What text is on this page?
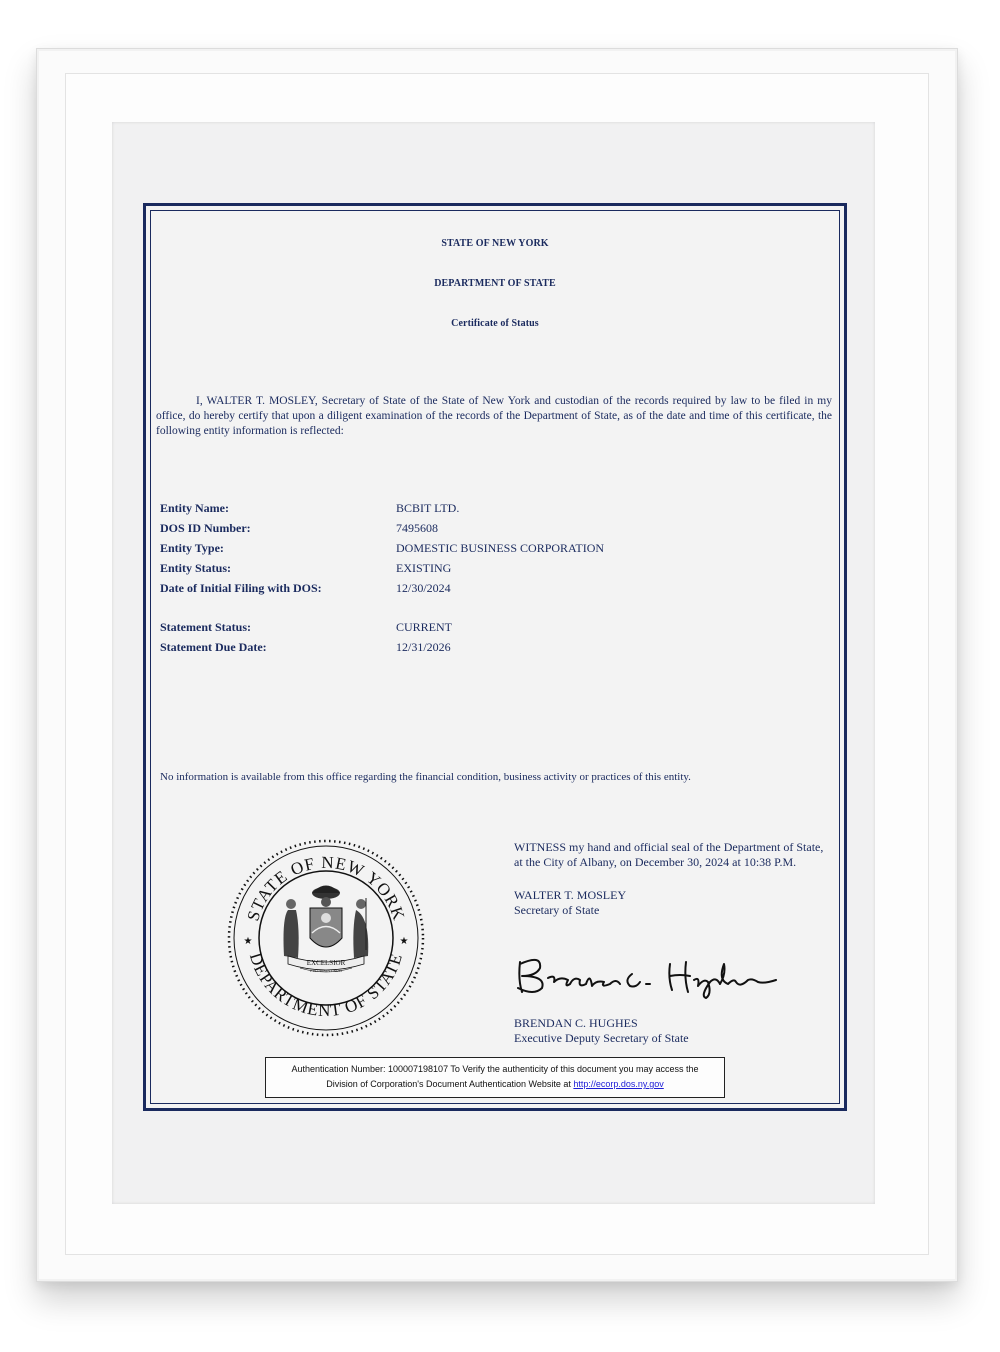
STATE OF NEW YORK
DEPARTMENT OF STATE
Certificate of Status
I, WALTER T. MOSLEY, Secretary of State of the State of New York and custodian of the records required by law to be filed in my office, do hereby certify that upon a diligent examination of the records of the Department of State, as of the date and time of this certificate, the following entity information is reflected:
Entity Name:	BCBIT LTD.
DOS ID Number:	7495608
Entity Type:	DOMESTIC BUSINESS CORPORATION
Entity Status:	EXISTING
Date of Initial Filing with DOS:	12/30/2024
Statement Status:	CURRENT
Statement Due Date:	12/31/2026
No information is available from this office regarding the financial condition, business activity or practices of this entity.
WITNESS my hand and official seal of the Department of State,
at the City of Albany, on December 30, 2024 at 10:38 P.M.
WALTER T. MOSLEY
Secretary of State
BRENDAN C. HUGHES
Executive Deputy Secretary of State
STATE OF NEW YORK
DEPARTMENT OF STATE
★	★
EXCELSIOR
E PLURIBUS UNUM
Authentication Number: 100007198107 To Verify the authenticity of this document you may access the
Division of Corporation's Document Authentication Website at http://ecorp.dos.ny.gov
